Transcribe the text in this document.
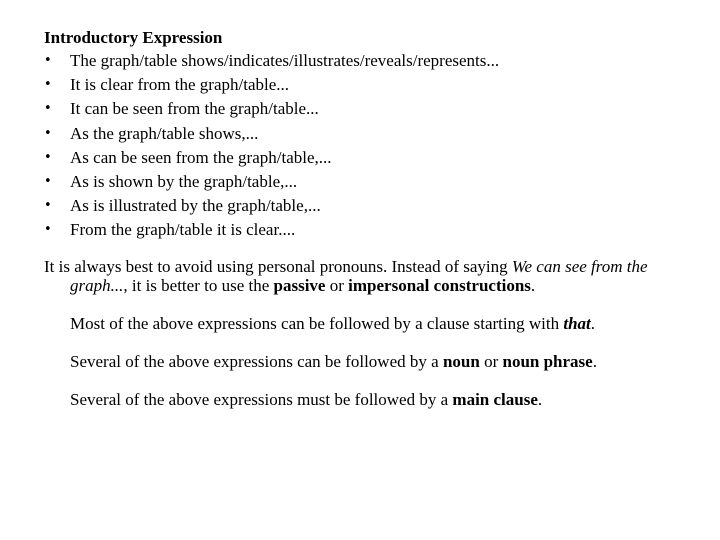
Introductory Expression

• The graph/table shows/indicates/illustrates/reveals/represents...
• It is clear from the graph/table...
• It can be seen from the graph/table...
• As the graph/table shows,...
• As can be seen from the graph/table,...
• As is shown by the graph/table,...
• As is illustrated by the graph/table,...
• From the graph/table it is clear....

It is always best to avoid using personal pronouns. Instead of saying We can see from the graph..., it is better to use the passive or impersonal constructions.

Most of the above expressions can be followed by a clause starting with that.

Several of the above expressions can be followed by a noun or noun phrase.

Several of the above expressions must be followed by a main clause.
